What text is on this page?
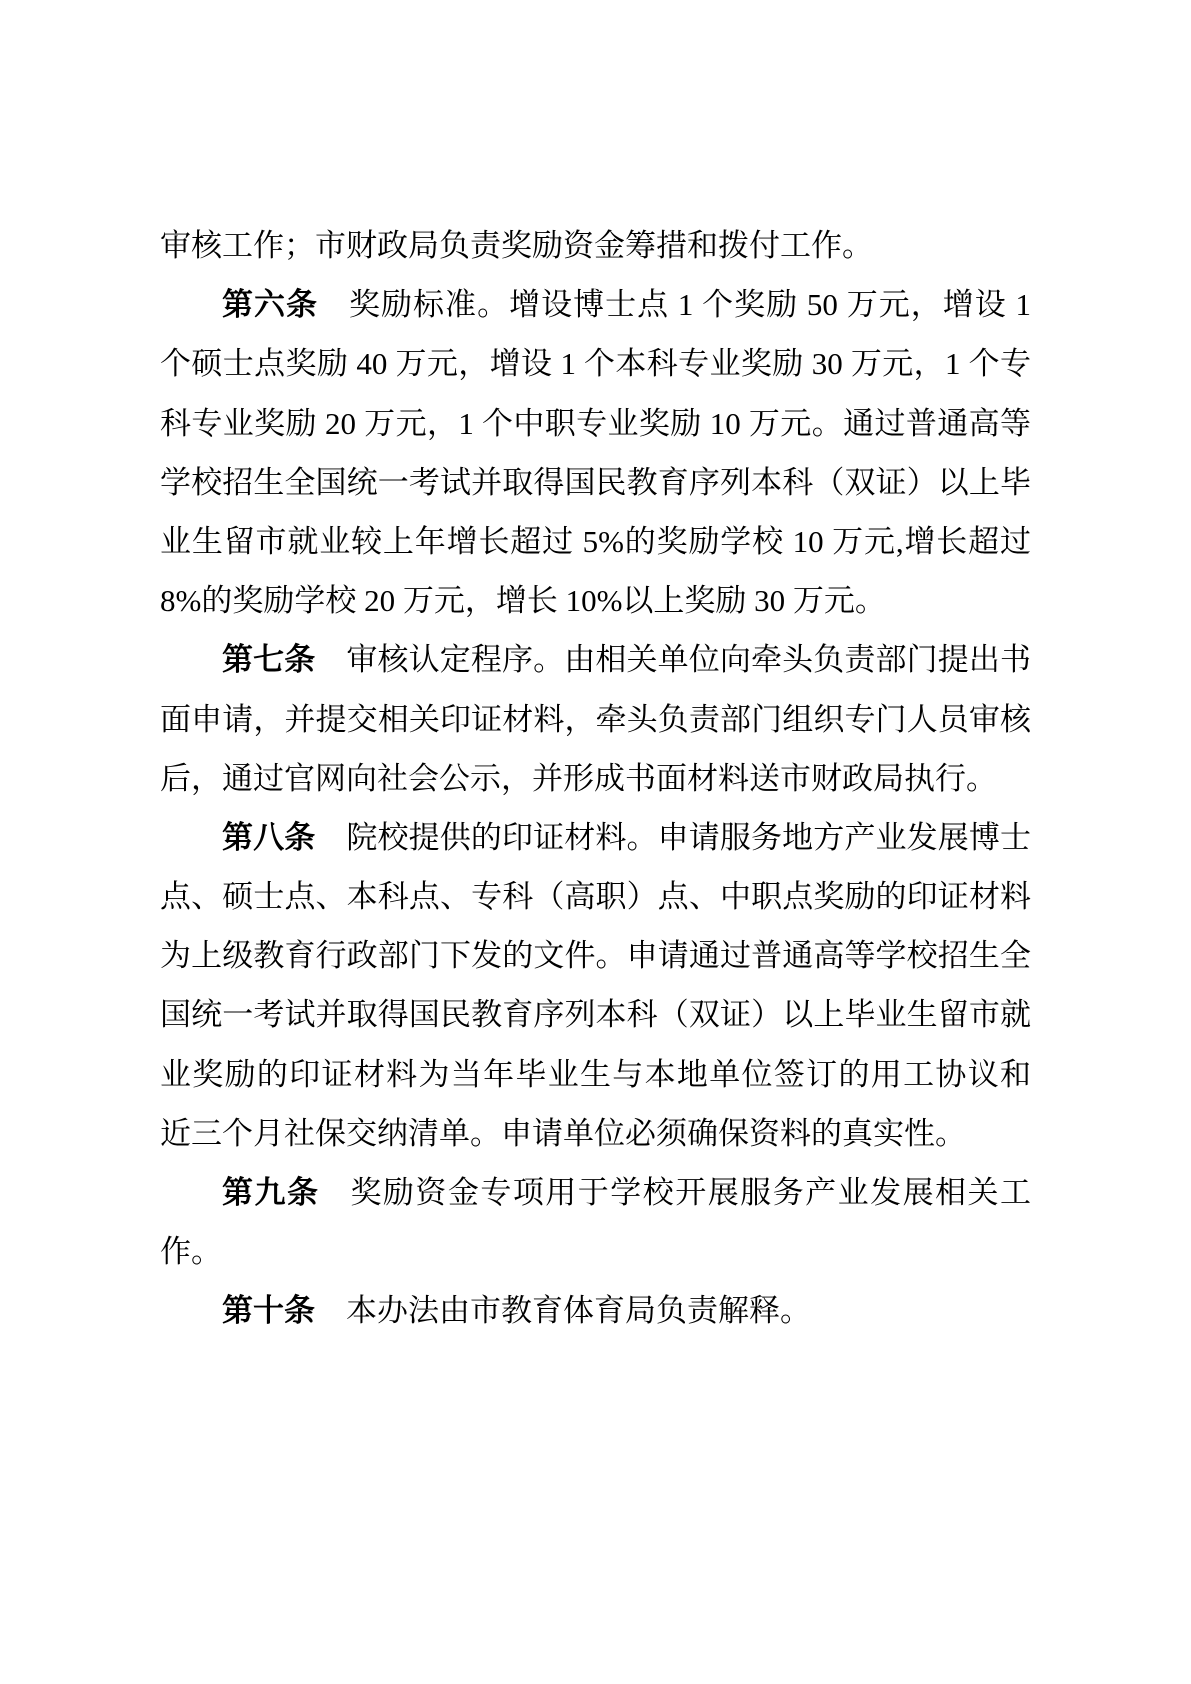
审核工作；市财政局负责奖励资金筹措和拨付工作。
第六条 奖励标准。增设博士点 1 个奖励 50 万元，增设 1
个硕士点奖励 40 万元，增设 1 个本科专业奖励 30 万元，1 个专
科专业奖励 20 万元，1 个中职专业奖励 10 万元。通过普通高等
学校招生全国统一考试并取得国民教育序列本科（双证）以上毕
业生留市就业较上年增长超过 5%的奖励学校 10 万元,增长超过
8%的奖励学校 20 万元，增长 10%以上奖励 30 万元。
第七条 审核认定程序。由相关单位向牵头负责部门提出书
面申请，并提交相关印证材料，牵头负责部门组织专门人员审核
后，通过官网向社会公示，并形成书面材料送市财政局执行。
第八条 院校提供的印证材料。申请服务地方产业发展博士
点、硕士点、本科点、专科（高职）点、中职点奖励的印证材料
为上级教育行政部门下发的文件。申请通过普通高等学校招生全
国统一考试并取得国民教育序列本科（双证）以上毕业生留市就
业奖励的印证材料为当年毕业生与本地单位签订的用工协议和
近三个月社保交纳清单。申请单位必须确保资料的真实性。
第九条 奖励资金专项用于学校开展服务产业发展相关工
作。
第十条 本办法由市教育体育局负责解释。
